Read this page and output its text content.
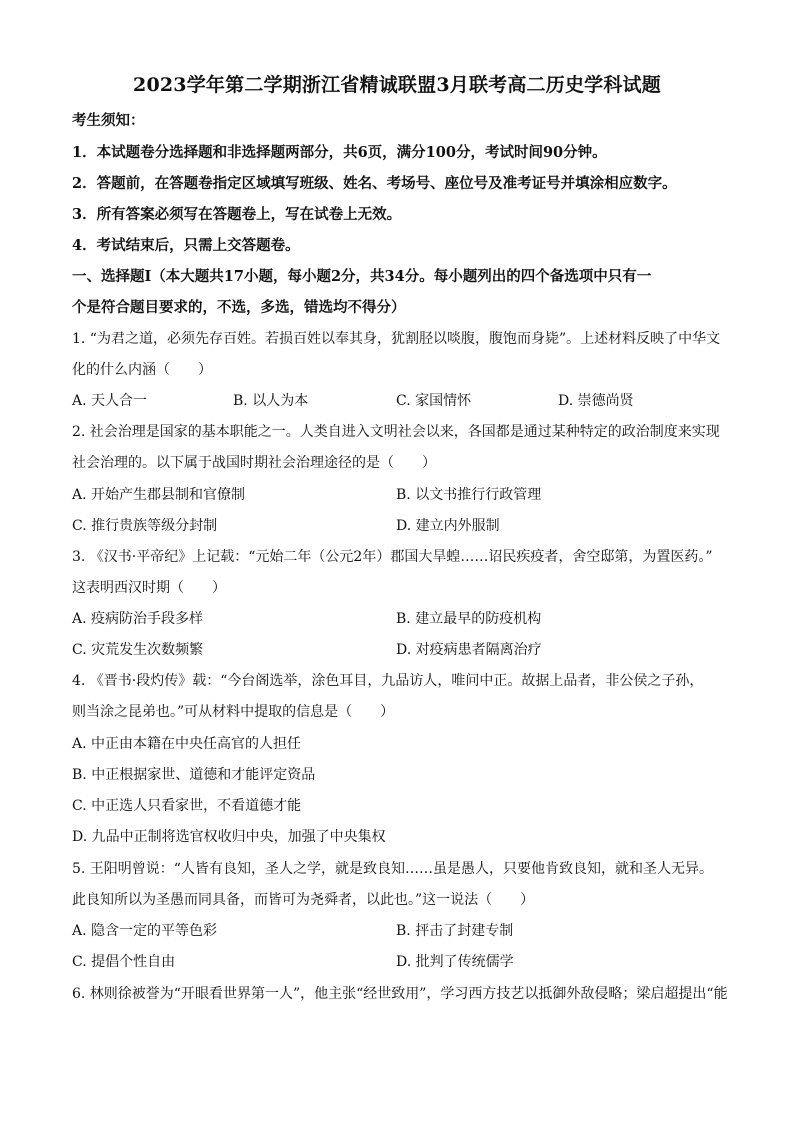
2023学年第二学期浙江省精诚联盟3月联考高二历史学科试题
考生须知：
1．本试题卷分选择题和非选择题两部分，共6页，满分100分，考试时间90分钟。
2．答题前，在答题卷指定区域填写班级、姓名、考场号、座位号及准考证号并填涂相应数字。
3．所有答案必须写在答题卷上，写在试卷上无效。
4．考试结束后，只需上交答题卷。
一、选择题Ⅰ（本大题共17小题，每小题2分，共34分。每小题列出的四个备选项中只有一
个是符合题目要求的，不选，多选，错选均不得分）
1. “为君之道，必须先存百姓。若损百姓以奉其身，犹割胫以啖腹，腹饱而身毙”。上述材料反映了中华文
化的什么内涵（　　）
A. 天人合一	B. 以人为本	C. 家国情怀	D. 崇德尚贤
2. 社会治理是国家的基本职能之一。人类自进入文明社会以来，各国都是通过某种特定的政治制度来实现
社会治理的。以下属于战国时期社会治理途径的是（　　）
A. 开始产生郡县制和官僚制	B. 以文书推行行政管理
C. 推行贵族等级分封制	D. 建立内外服制
3. 《汉书·平帝纪》上记载：“元始二年（公元2年）郡国大旱蝗……诏民疾疫者，舍空邸第，为置医药。”
这表明西汉时期（　　）
A. 疫病防治手段多样	B. 建立最早的防疫机构
C. 灾荒发生次数频繁	D. 对疫病患者隔离治疗
4. 《晋书·段灼传》载：“今台阁选举，涂色耳目，九品访人，唯问中正。故据上品者，非公侯之子孙，
则当涂之昆弟也。”可从材料中提取的信息是（　　）
A. 中正由本籍在中央任高官的人担任
B. 中正根据家世、道德和才能评定资品
C. 中正选人只看家世，不看道德才能
D. 九品中正制将选官权收归中央，加强了中央集权
5. 王阳明曾说：“人皆有良知，圣人之学，就是致良知……虽是愚人，只要他肯致良知，就和圣人无异。
此良知所以为圣愚而同具备，而皆可为尧舜者，以此也。”这一说法（　　）
A. 隐含一定的平等色彩	B. 抨击了封建专制
C. 提倡个性自由	D. 批判了传统儒学
6. 林则徐被誉为“开眼看世界第一人”，他主张“经世致用”，学习西方技艺以抵御外敌侵略；梁启超提出“能
